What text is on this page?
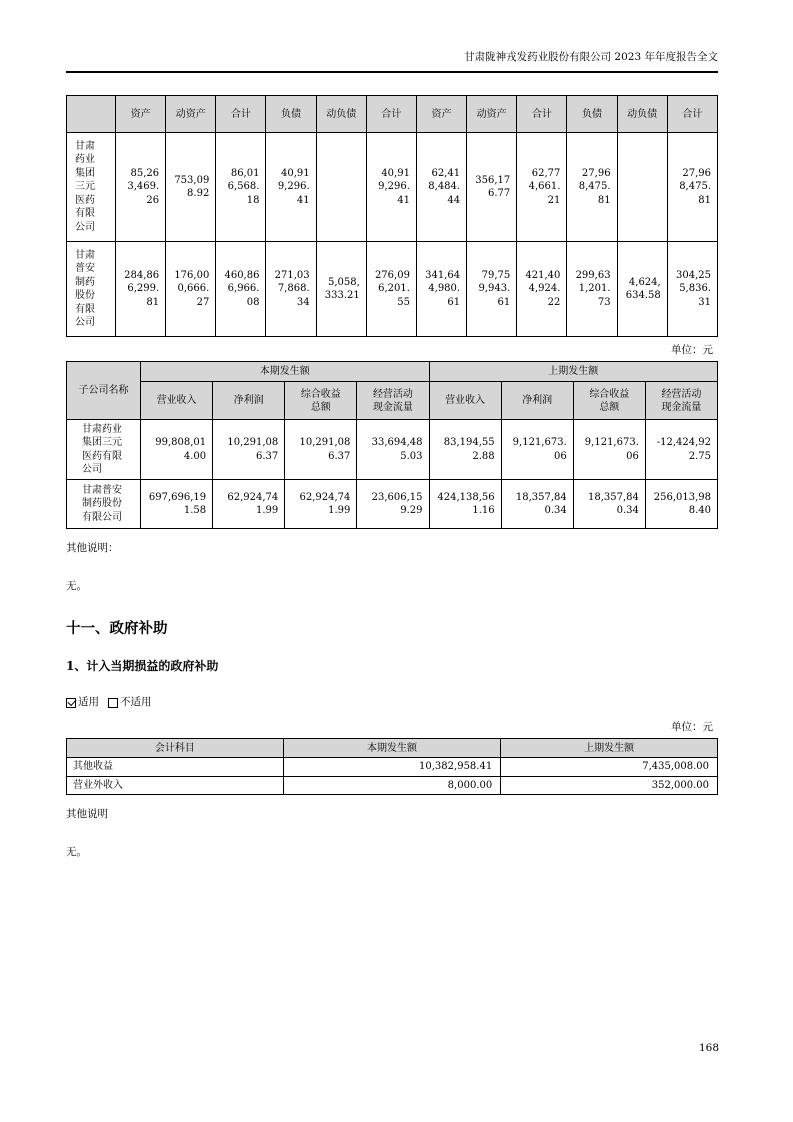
甘肃陇神戎发药业股份有限公司 2023 年年度报告全文
	资产	动资产	合计	负债	动负债	合计	资产	动资产	合计	负债	动负债	合计
甘肃药业集团三元医药有限公司	85,263,469.26	753,098.92	86,016,568.18	40,919,296.41		40,919,296.41	62,418,484.44	356,176.77	62,774,661.21	27,968,475.81		27,968,475.81
甘肃普安制药股份有限公司	284,866,299.81	176,000,666.27	460,866,966.08	271,037,868.34	5,058,333.21	276,096,201.55	341,644,980.61	79,759,943.61	421,404,924.22	299,631,201.73	4,624,634.58	304,255,836.31
单位：元
子公司名称	本期发生额				上期发生额			
	营业收入	净利润	综合收益总额	经营活动现金流量	营业收入	净利润	综合收益总额	经营活动现金流量
甘肃药业集团三元医药有限公司	99,808,014.00	10,291,086.37	10,291,086.37	33,694,485.03	83,194,552.88	9,121,673.06	9,121,673.06	-12,424,922.75
甘肃普安制药股份有限公司	697,696,191.58	62,924,741.99	62,924,741.99	23,606,159.29	424,138,561.16	18,357,840.34	18,357,840.34	256,013,988.40
其他说明：
无。
十一、政府补助
1、计入当期损益的政府补助
适用 不适用
单位：元
会计科目	本期发生额	上期发生额
其他收益	10,382,958.41	7,435,008.00
营业外收入	8,000.00	352,000.00
其他说明
无。
168
